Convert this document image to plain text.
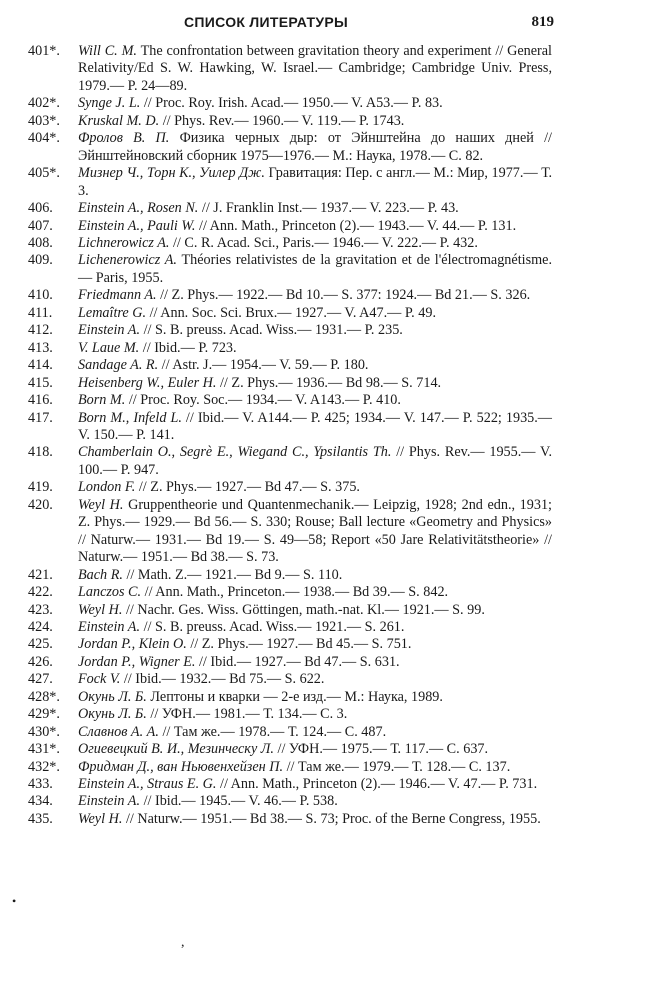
СПИСОК ЛИТЕРАТУРЫ	819
401*.	Will C. M. The confrontation between gravitation theory and experiment // General Relativity/Ed S. W. Hawking, W. Israel.— Cambridge; Cambridge Univ. Press, 1979.— P. 24—89.
402*.	Synge J. L. // Proc. Roy. Irish. Acad.— 1950.— V. A53.— P. 83.
403*.	Kruskal M. D. // Phys. Rev.— 1960.— V. 119.— P. 1743.
404*.	Фролов В. П. Физика черных дыр: от Эйнштейна до наших дней // Эйнштейновский сборник 1975—1976.— М.: Наука, 1978.— С. 82.
405*.	Мизнер Ч., Торн К., Уилер Дж. Гравитация: Пер. с англ.— М.: Мир, 1977.— Т. 3.
406.	Einstein A., Rosen N. // J. Franklin Inst.— 1937.— V. 223.— P. 43.
407.	Einstein A., Pauli W. // Ann. Math., Princeton (2).— 1943.— V. 44.— P. 131.
408.	Lichnerowicz A. // C. R. Acad. Sci., Paris.— 1946.— V. 222.— P. 432.
409.	Lichenerowicz A. Théories relativistes de la gravitation et de l'électromagnétisme.— Paris, 1955.
410.	Friedmann A. // Z. Phys.— 1922.— Bd 10.— S. 377: 1924.— Bd 21.— S. 326.
411.	Lemaître G. // Ann. Soc. Sci. Brux.— 1927.— V. A47.— P. 49.
412.	Einstein A. // S. B. preuss. Acad. Wiss.— 1931.— P. 235.
413.	V. Laue M. // Ibid.— P. 723.
414.	Sandage A. R. // Astr. J.— 1954.— V. 59.— P. 180.
415.	Heisenberg W., Euler H. // Z. Phys.— 1936.— Bd 98.— S. 714.
416.	Born M. // Proc. Roy. Soc.— 1934.— V. A143.— P. 410.
417.	Born M., Infeld L. // Ibid.— V. A144.— P. 425; 1934.— V. 147.— P. 522; 1935.— V. 150.— P. 141.
418.	Chamberlain O., Segrè E., Wiegand C., Ypsilantis Th. // Phys. Rev.— 1955.— V. 100.— P. 947.
419.	London F. // Z. Phys.— 1927.— Bd 47.— S. 375.
420.	Weyl H. Gruppentheorie und Quantenmechanik.— Leipzig, 1928; 2nd edn., 1931; Z. Phys.— 1929.— Bd 56.— S. 330; Rouse; Ball lecture «Geometry and Physics» // Naturw.— 1931.— Bd 19.— S. 49—58; Report «50 Jare Relativitätstheorie» // Naturw.— 1951.— Bd 38.— S. 73.
421.	Bach R. // Math. Z.— 1921.— Bd 9.— S. 110.
422.	Lanczos C. // Ann. Math., Princeton.— 1938.— Bd 39.— S. 842.
423.	Weyl H. // Nachr. Ges. Wiss. Göttingen, math.-nat. Kl.— 1921.— S. 99.
424.	Einstein A. // S. B. preuss. Acad. Wiss.— 1921.— S. 261.
425.	Jordan P., Klein O. // Z. Phys.— 1927.— Bd 45.— S. 751.
426.	Jordan P., Wigner E. // Ibid.— 1927.— Bd 47.— S. 631.
427.	Fock V. // Ibid.— 1932.— Bd 75.— S. 622.
428*.	Окунь Л. Б. Лептоны и кварки — 2-е изд.— М.: Наука, 1989.
429*.	Окунь Л. Б. // УФН.— 1981.— Т. 134.— С. 3.
430*.	Славнов А. А. // Там же.— 1978.— Т. 124.— С. 487.
431*.	Огиевецкий В. И., Мезинческу Л. // УФН.— 1975.— Т. 117.— С. 637.
432*.	Фридман Д., ван Ньювенхейзен П. // Там же.— 1979.— Т. 128.— С. 137.
433.	Einstein A., Straus E. G. // Ann. Math., Princeton (2).— 1946.— V. 47.— P. 731.
434.	Einstein A. // Ibid.— 1945.— V. 46.— P. 538.
435.	Weyl H. // Naturw.— 1951.— Bd 38.— S. 73; Proc. of the Berne Congress, 1955.
•
,
